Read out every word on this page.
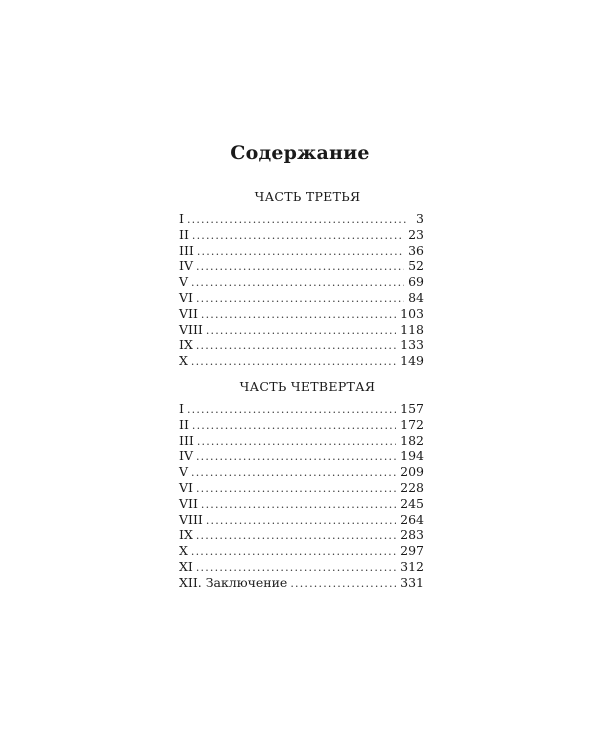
Содержание
ЧАСТЬ ТРЕТЬЯ
I .....	3
II .....	23
III .....	36
IV .....	52
V .....	69
VI .....	84
VII .....	103
VIII .....	118
IX .....	133
X .....	149
ЧАСТЬ ЧЕТВЕРТАЯ
I .....	157
II .....	172
III .....	182
IV .....	194
V .....	209
VI .....	228
VII .....	245
VIII .....	264
IX .....	283
X .....	297
XI .....	312
XII. Заключение .....	331
